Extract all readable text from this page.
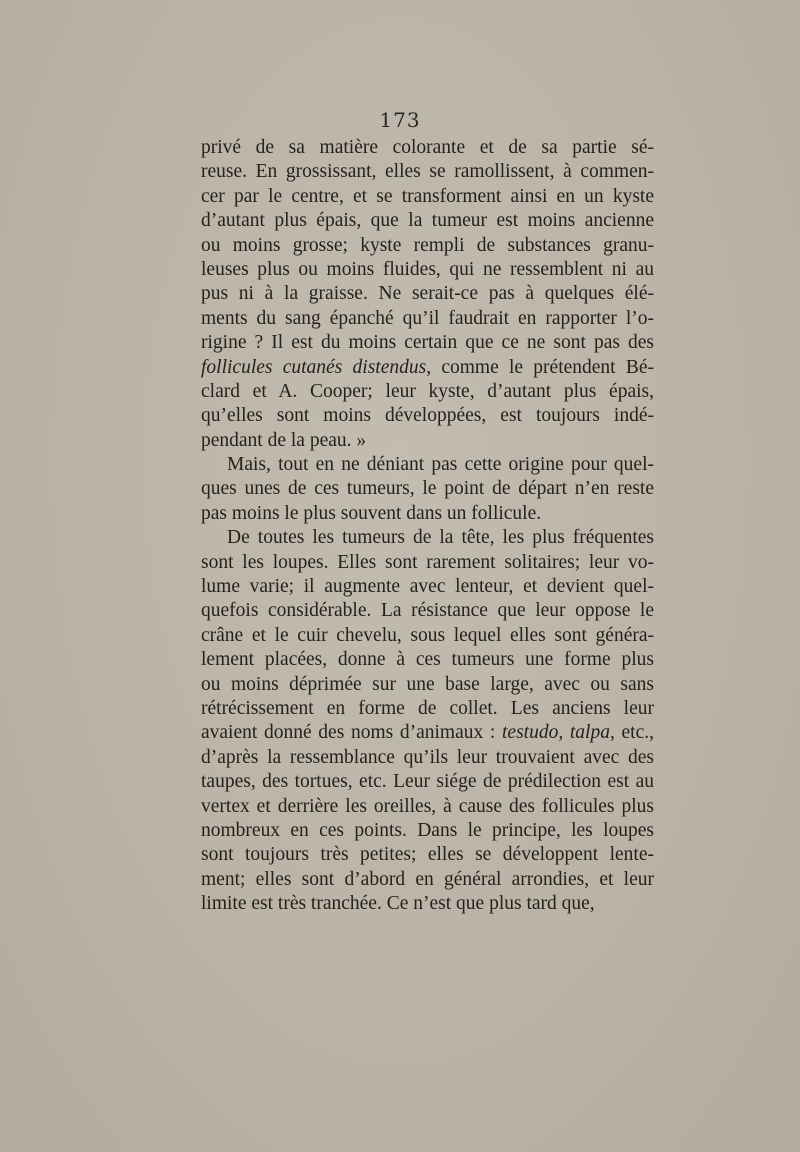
173
privé de sa matière colorante et de sa partie sé-
reuse. En grossissant, elles se ramollissent, à commen-
cer par le centre, et se transforment ainsi en un kyste
d’autant plus épais, que la tumeur est moins ancienne
ou moins grosse; kyste rempli de substances granu-
leuses plus ou moins fluides, qui ne ressemblent ni au
pus ni à la graisse. Ne serait-ce pas à quelques élé-
ments du sang épanché qu’il faudrait en rapporter l’o-
rigine ? Il est du moins certain que ce ne sont pas des
follicules cutanés distendus, comme le prétendent Bé-
clard et A. Cooper; leur kyste, d’autant plus épais,
qu’elles sont moins développées, est toujours indé-
pendant de la peau. »
Mais, tout en ne déniant pas cette origine pour quel-
ques unes de ces tumeurs, le point de départ n’en reste
pas moins le plus souvent dans un follicule.
De toutes les tumeurs de la tête, les plus fréquentes
sont les loupes. Elles sont rarement solitaires; leur vo-
lume varie; il augmente avec lenteur, et devient quel-
quefois considérable. La résistance que leur oppose le
crâne et le cuir chevelu, sous lequel elles sont généra-
lement placées, donne à ces tumeurs une forme plus
ou moins déprimée sur une base large, avec ou sans
rétrécissement en forme de collet. Les anciens leur
avaient donné des noms d’animaux : testudo, talpa, etc.,
d’après la ressemblance qu’ils leur trouvaient avec des
taupes, des tortues, etc. Leur siége de prédilection est au
vertex et derrière les oreilles, à cause des follicules plus
nombreux en ces points. Dans le principe, les loupes
sont toujours très petites; elles se développent lente-
ment; elles sont d’abord en général arrondies, et leur
limite est très tranchée. Ce n’est que plus tard que,
